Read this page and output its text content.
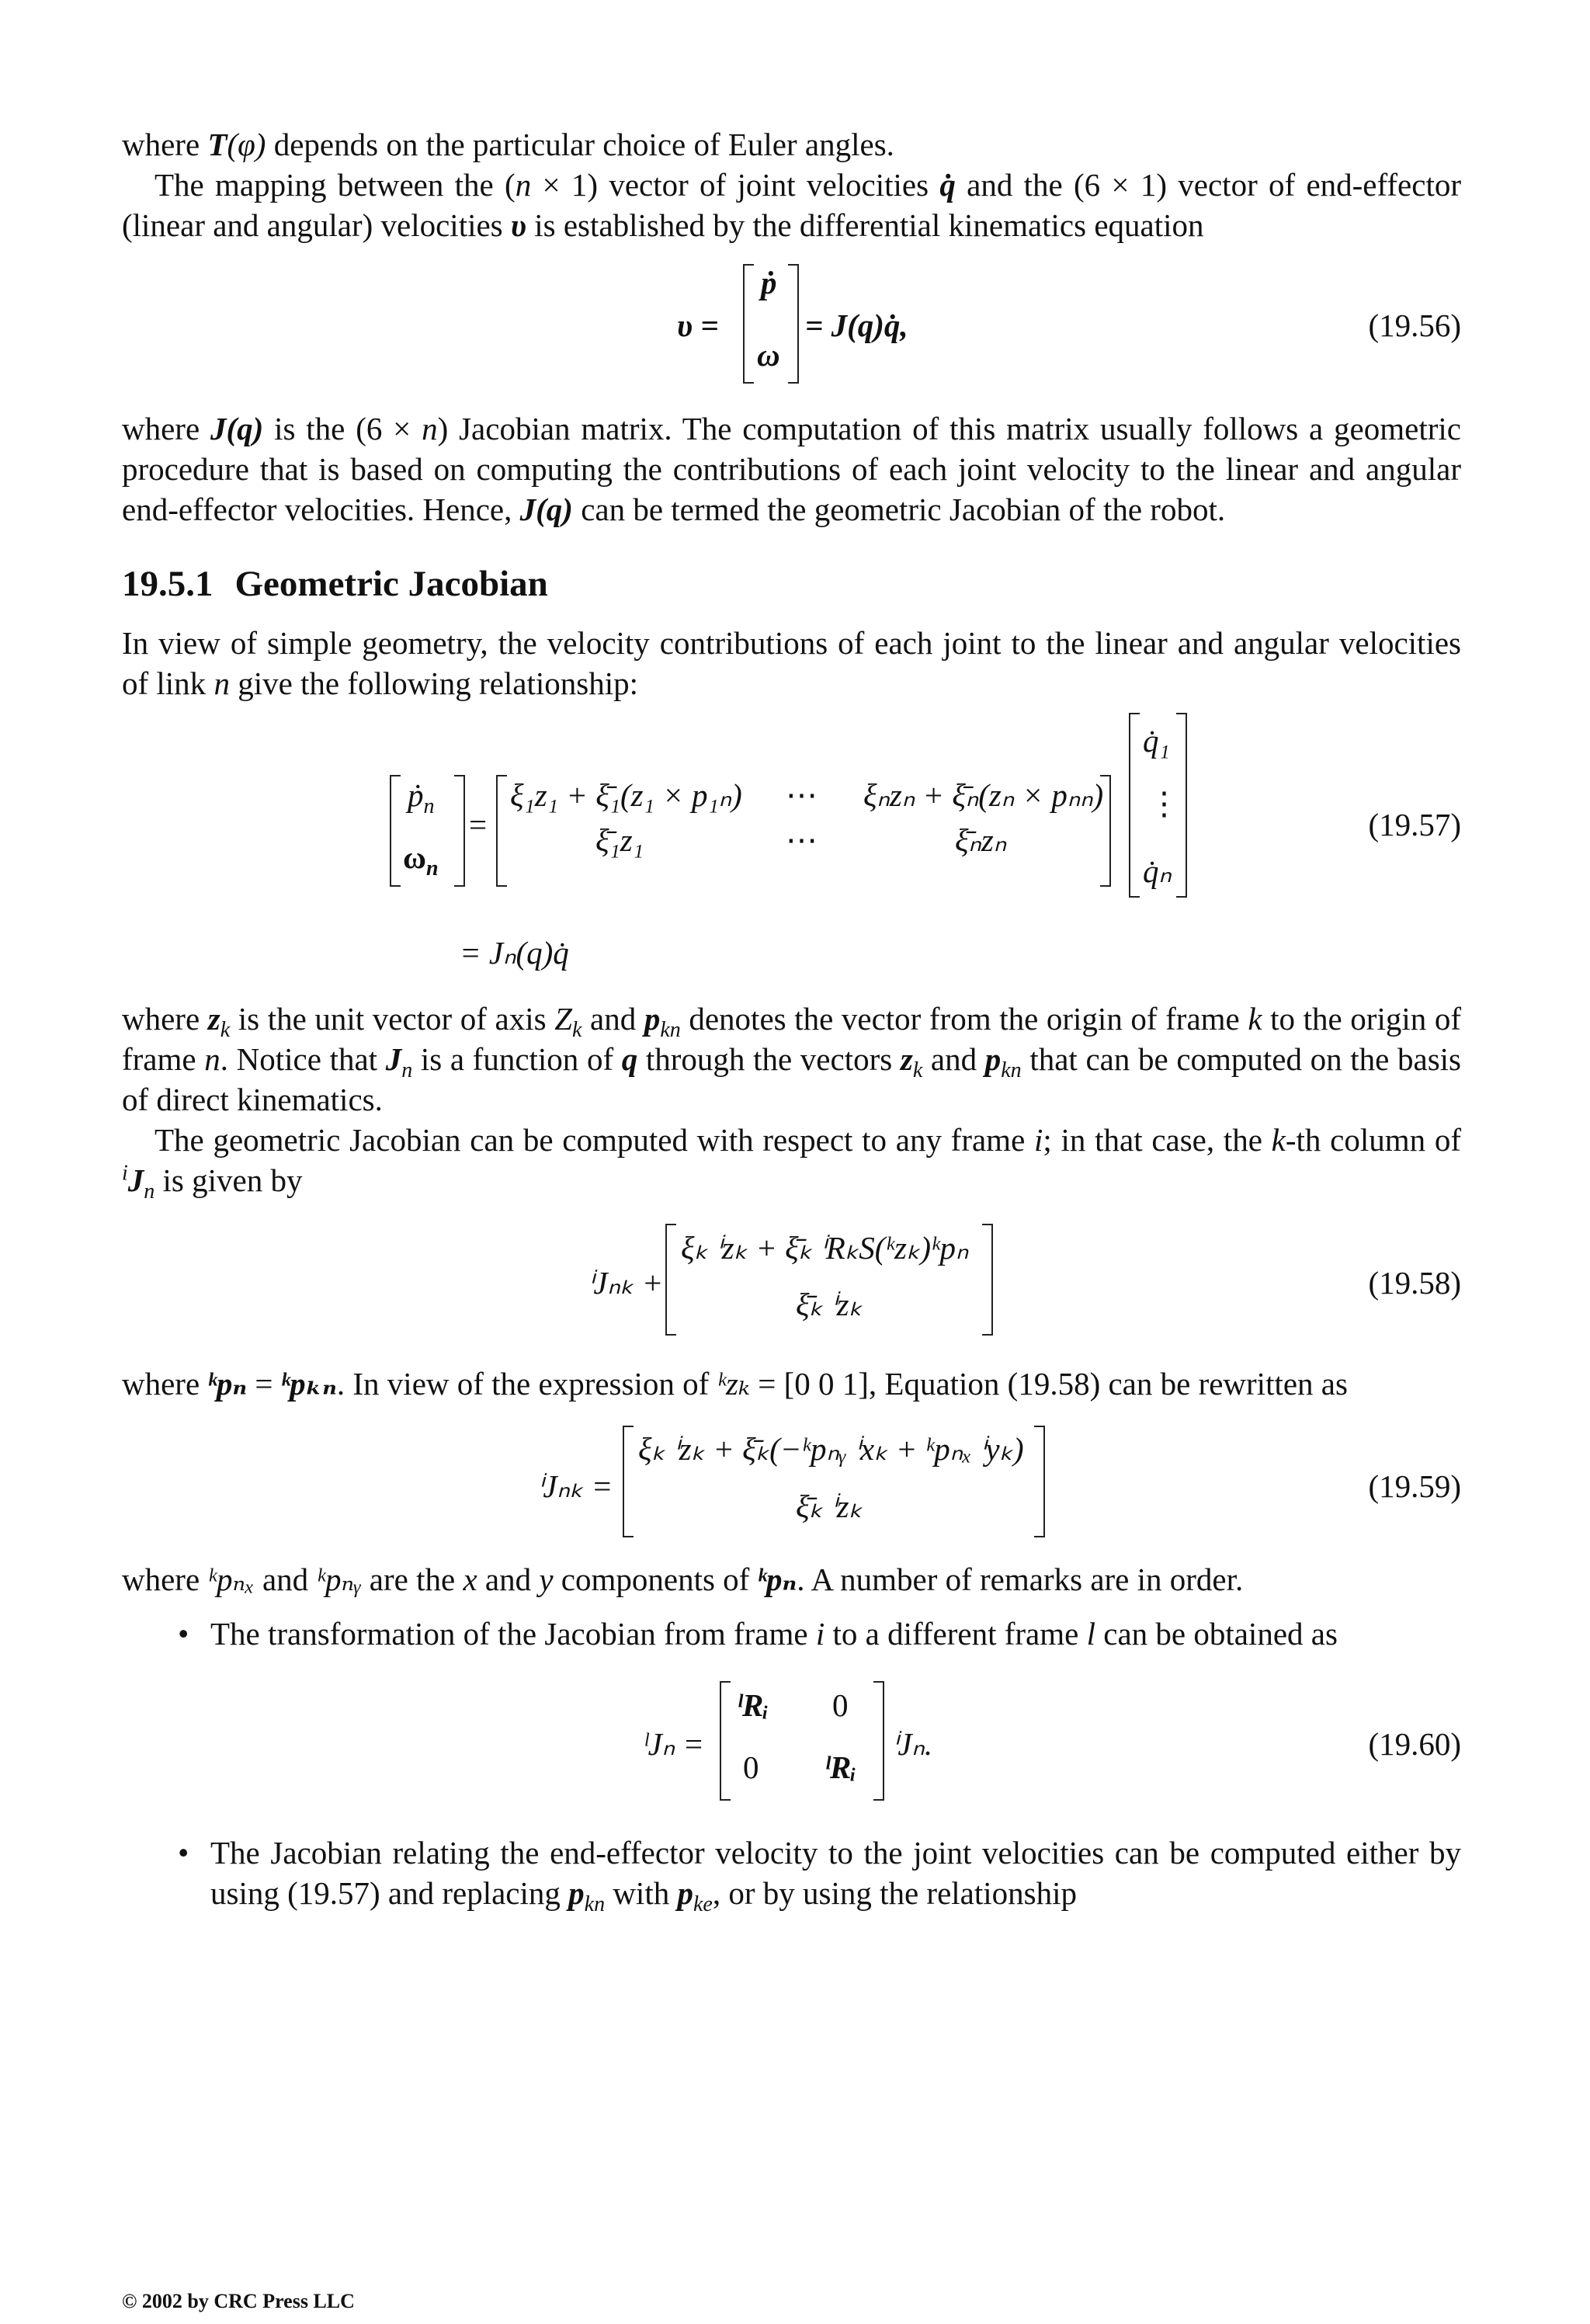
where T(φ) depends on the particular choice of Euler angles.

The mapping between the (n × 1) vector of joint velocities q̇ and the (6 × 1) vector of end-effector (linear and angular) velocities υ is established by the differential kinematics equation

υ =
ṗ
ω
= J(q)q̇,	(19.56)

where J(q) is the (6 × n) Jacobian matrix. The computation of this matrix usually follows a geometric procedure that is based on computing the contributions of each joint velocity to the linear and angular end-effector velocities. Hence, J(q) can be termed the geometric Jacobian of the robot.

19.5.1 Geometric Jacobian

In view of simple geometry, the velocity contributions of each joint to the linear and angular velocities of link n give the following relationship:

ṗ$_n$
$\omega_n$
=
ξ₁z₁ + ξ̄₁(z₁ × p₁ₙ) ⋯ ξₙzₙ + ξ̄ₙ(zₙ × pₙₙ)
ξ̄₁z₁	⋯	ξ̄ₙzₙ
q̇₁
⋮
q̇ₙ
(19.57)
= Jₙ(q)q̇

where $z_k$ is the unit vector of axis $Z_k$ and $p_{kn}$ denotes the vector from the origin of frame k to the origin of frame n. Notice that $J_n$ is a function of q through the vectors $z_k$ and $p_{kn}$ that can be computed on the basis of direct kinematics.

The geometric Jacobian can be computed with respect to any frame i; in that case, the k-th column of $^iJ_n$ is given by

ⁱJₙₖ +
ξₖ ⁱzₖ + ξ̄ₖ ⁱRₖS(ᵏzₖ)ᵏpₙ
ξ̄ₖ ⁱzₖ
(19.58)

where ᵏpₙ = ᵏpₖₙ. In view of the expression of ᵏzₖ = [0 0 1], Equation (19.58) can be rewritten as

ⁱJₙₖ =
ξₖ ⁱzₖ + ξ̄ₖ(−ᵏpₙᵧ ⁱxₖ + ᵏpₙₓ ⁱyₖ)
ξ̄ₖ ⁱzₖ
(19.59)

where ᵏpₙₓ and ᵏpₙᵧ are the x and y components of ᵏpₙ. A number of remarks are in order.

• The transformation of the Jacobian from frame i to a different frame l can be obtained as

ˡJₙ =
ˡRᵢ 0
0 ˡRᵢ
ⁱJₙ.	(19.60)

• The Jacobian relating the end-effector velocity to the joint velocities can be computed either by using (19.57) and replacing $p_{kn}$ with $p_{ke}$, or by using the relationship

© 2002 by CRC Press LLC
